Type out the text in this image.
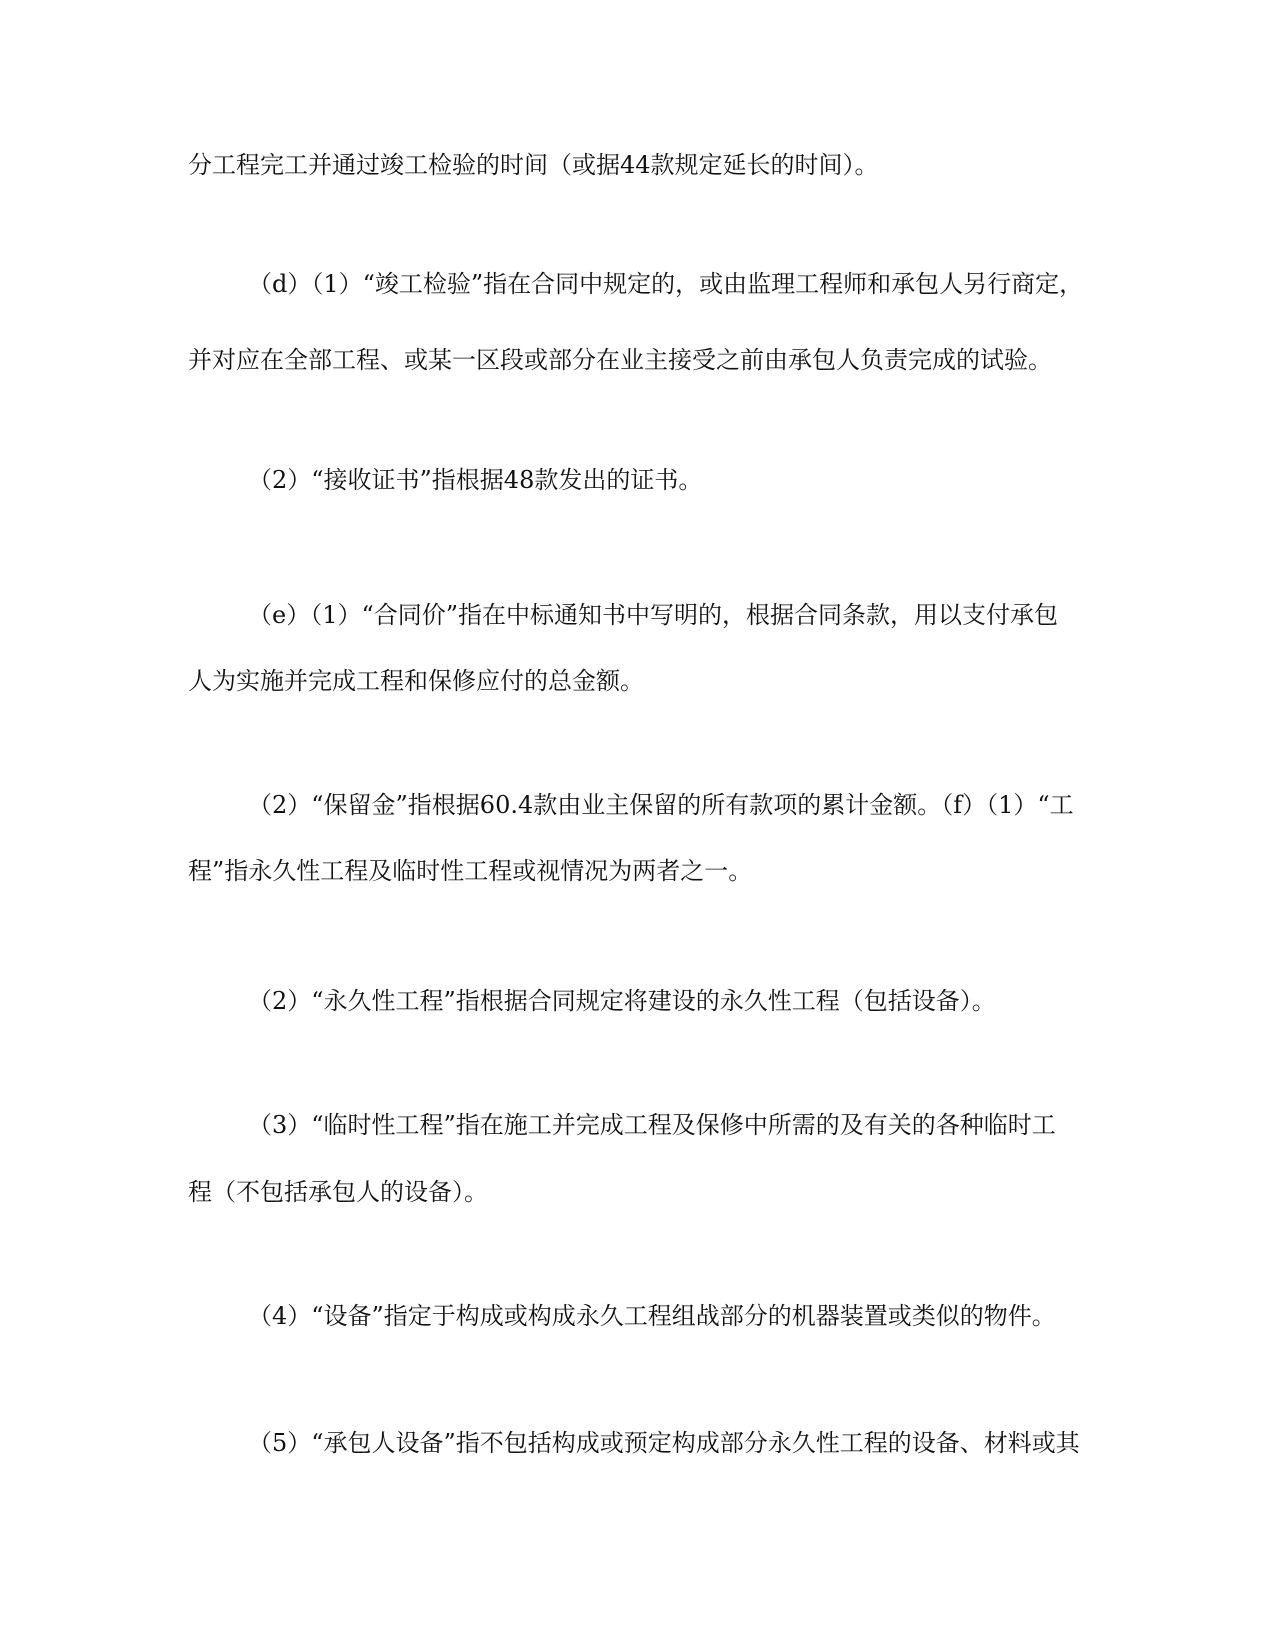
分工程完工并通过竣工检验的时间（或据44款规定延长的时间）。

（d）（1）“竣工检验”指在合同中规定的，或由监理工程师和承包人另行商定，

并对应在全部工程、或某一区段或部分在业主接受之前由承包人负责完成的试验。

（2）“接收证书”指根据48款发出的证书。

（e）（1）“合同价”指在中标通知书中写明的，根据合同条款，用以支付承包

人为实施并完成工程和保修应付的总金额。

（2）“保留金”指根据60.4款由业主保留的所有款项的累计金额。（f）（1）“工

程”指永久性工程及临时性工程或视情况为两者之一。

（2）“永久性工程”指根据合同规定将建设的永久性工程（包括设备）。

（3）“临时性工程”指在施工并完成工程及保修中所需的及有关的各种临时工

程（不包括承包人的设备）。

（4）“设备”指定于构成或构成永久工程组战部分的机器装置或类似的物件。

（5）“承包人设备”指不包括构成或预定构成部分永久性工程的设备、材料或其
